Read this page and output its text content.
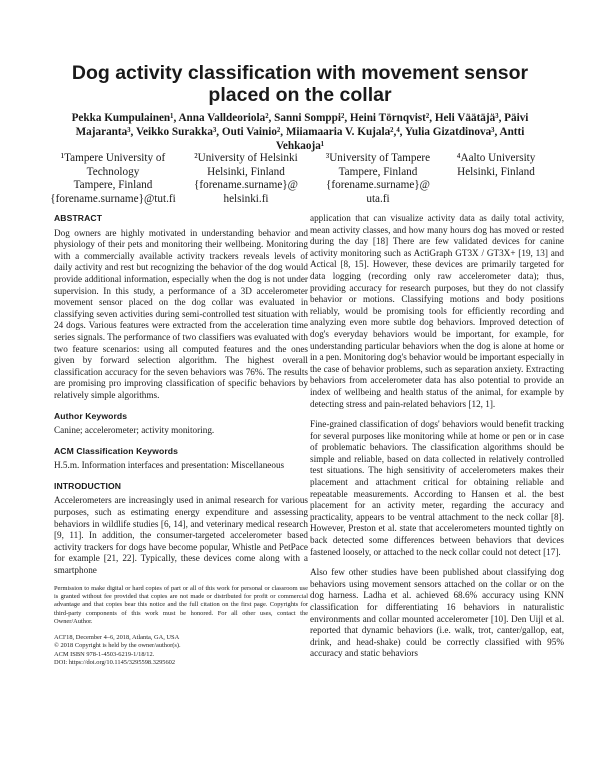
Dog activity classification with movement sensor placed on the collar
Pekka Kumpulainen¹, Anna Valldeoriola², Sanni Somppi², Heini Törnqvist², Heli Väätäjä³, Päivi Majaranta³, Veikko Surakka³, Outi Vainio², Miiamaaria V. Kujala²,⁴, Yulia Gizatdinova³, Antti Vehkaoja¹
¹Tampere University of Technology
Tampere, Finland
{forename.surname}@tut.fi
²University of Helsinki
Helsinki, Finland
{forename.surname}@ helsinki.fi
³University of Tampere
Tampere, Finland
{forename.surname}@ uta.fi
⁴Aalto University
Helsinki, Finland
ABSTRACT
Dog owners are highly motivated in understanding behavior and physiology of their pets and monitoring their wellbeing. Monitoring with a commercially available activity trackers reveals levels of daily activity and rest but recognizing the behavior of the dog would provide additional information, especially when the dog is not under supervision. In this study, a performance of a 3D accelerometer movement sensor placed on the dog collar was evaluated in classifying seven activities during semi-controlled test situation with 24 dogs. Various features were extracted from the acceleration time series signals. The performance of two classifiers was evaluated with two feature scenarios: using all computed features and the ones given by forward selection algorithm. The highest overall classification accuracy for the seven behaviors was 76%. The results are promising pro improving classification of specific behaviors by relatively simple algorithms.
Author Keywords
Canine; accelerometer; activity monitoring.
ACM Classification Keywords
H.5.m. Information interfaces and presentation: Miscellaneous
INTRODUCTION
Accelerometers are increasingly used in animal research for various purposes, such as estimating energy expenditure and assessing behaviors in wildlife studies [6, 14], and veterinary medical research [9, 11]. In addition, the consumer-targeted accelerometer based activity trackers for dogs have become popular, Whistle and PetPace for example [21, 22]. Typically, these devices come along with a smartphone
Permission to make digital or hard copies of part or all of this work for personal or classroom use is granted without fee provided that copies are not made or distributed for profit or commercial advantage and that copies bear this notice and the full citation on the first page. Copyrights for third-party components of this work must be honored. For all other uses, contact the Owner/Author.
ACI'18, December 4–6, 2018, Atlanta, GA, USA
© 2018 Copyright is held by the owner/author(s).
ACM ISBN 978-1-4503-6219-1/18/12.
DOI: https://doi.org/10.1145/3295598.3295602
application that can visualize activity data as daily total activity, mean activity classes, and how many hours dog has moved or rested during the day [18] There are few validated devices for canine activity monitoring such as ActiGraph GT3X / GT3X+ [19, 13] and Actical [8, 15]. However, these devices are primarily targeted for data logging (recording only raw accelerometer data); thus, providing accuracy for research purposes, but they do not classify behavior or motions. Classifying motions and body positions reliably, would be promising tools for efficiently recording and analyzing even more subtle dog behaviors. Improved detection of dog's everyday behaviors would be important, for example, for understanding particular behaviors when the dog is alone at home or in a pen. Monitoring dog's behavior would be important especially in the case of behavior problems, such as separation anxiety. Extracting behaviors from accelerometer data has also potential to provide an index of wellbeing and health status of the animal, for example by detecting stress and pain-related behaviors [12, 1].
Fine-grained classification of dogs' behaviors would benefit tracking for several purposes like monitoring while at home or pen or in case of problematic behaviors. The classification algorithms should be simple and reliable, based on data collected in relatively controlled test situations. The high sensitivity of accelerometers makes their placement and attachment critical for obtaining reliable and repeatable measurements. According to Hansen et al. the best placement for an activity meter, regarding the accuracy and practicality, appears to be ventral attachment to the neck collar [8]. However, Preston et al. state that accelerometers mounted tightly on back detected some differences between behaviors that devices fastened loosely, or attached to the neck collar could not detect [17].
Also few other studies have been published about classifying dog behaviors using movement sensors attached on the collar or on the dog harness. Ladha et al. achieved 68.6% accuracy using KNN classification for differentiating 16 behaviors in naturalistic environments and collar mounted accelerometer [10]. Den Uijl et al. reported that dynamic behaviors (i.e. walk, trot, canter/gallop, eat, drink, and head-shake) could be correctly classified with 95% accuracy and static behaviors
